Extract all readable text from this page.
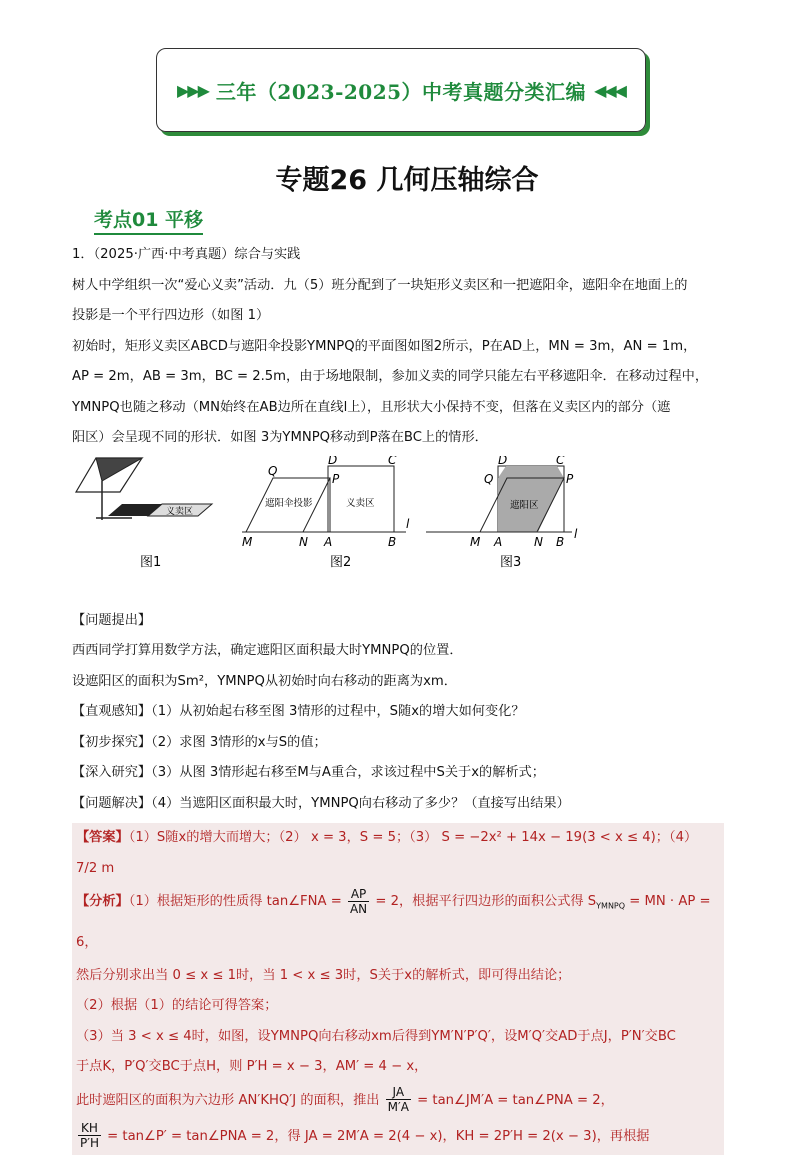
▶▶▶ 三年（2023-2025）中考真题分类汇编 ◀◀◀
专题26 几何压轴综合
考点01 平移

1．（2025·广西·中考真题）综合与实践

树人中学组织一次“爱心义卖”活动．九（5）班分配到了一块矩形义卖区和一把遮阳伞，遮阳伞在地面上的

投影是一个平行四边形（如图 1）

初始时，矩形义卖区ABCD与遮阳伞投影YMNPQ的平面图如图2所示，P在AD上，MN = 3m，AN = 1m，

AP = 2m，AB = 3m，BC = 2.5m，由于场地限制，参加义卖的同学只能左右平移遮阳伞．在移动过程中，

YMNPQ也随之移动（MN始终在AB边所在直线l上），且形状大小保持不变，但落在义卖区内的部分（遮

阳区）会呈现不同的形状．如图 3为YMNPQ移动到P落在BC上的情形．

义卖区
图1
遮阳伞投影	义卖区
Q
D	C
P
M	N A	B
l
图2
遮阳区
Q
D	C
P
M A	N B
l
图3

【问题提出】

西西同学打算用数学方法，确定遮阳区面积最大时YMNPQ的位置．

设遮阳区的面积为Sm²，YMNPQ从初始时向右移动的距离为xm．

【直观感知】（1）从初始起右移至图 3情形的过程中，S随x的增大如何变化？

【初步探究】（2）求图 3情形的x与S的值；

【深入研究】（3）从图 3情形起右移至M与A重合，求该过程中S关于x的解析式；

【问题解决】（4）当遮阳区面积最大时，YMNPQ向右移动了多少？（直接写出结果）

【答案】（1）S随x的增大而增大；（2） x = 3，S = 5；（3） S = −2x² + 14x − 19(3 < x ≤ 4)；（4） 7/2 m

【分析】（1）根据矩形的性质得 tan∠FNA = $\frac{AP}{AN} = 2$，根据平行四边形的面积公式得 $S_{YMNPQ}$ = MN · AP = 6，

然后分别求出当 0 ≤ x ≤ 1时，当 1 < x ≤ 3时，S关于x的解析式，即可得出结论；

（2）根据（1）的结论可得答案；

（3）当 3 < x ≤ 4时，如图，设YMNPQ向右移动xm后得到YM′N′P′Q′，设M′Q′交AD于点J，P′N′交BC

于点K，P′Q′交BC于点H，则 P′H = x − 3，AM′ = 4 − x，

此时遮阳区的面积为六边形 AN′KHQ′J 的面积，推出 $\frac{JA}{M'A}$ = tan∠JM′A = tan∠PNA = 2，

$\frac{KH}{P'H}$ = tan∠P′ = tan∠PNA = 2，得 JA = 2M′A = 2(4 − x)，KH = 2P′H = 2(x − 3)，再根据
